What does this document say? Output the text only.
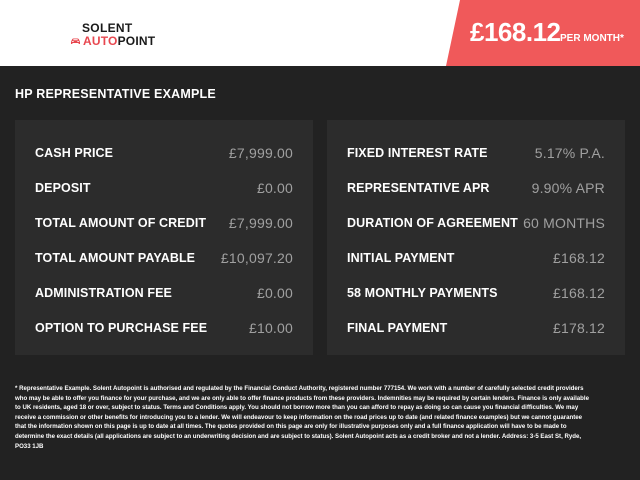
SOLENT
AUTO POINT	£168.12 PER MONTH*
HP REPRESENTATIVE EXAMPLE
CASH PRICE	£7,999.00
DEPOSIT	£0.00
TOTAL AMOUNT OF CREDIT £7,999.00
TOTAL AMOUNT PAYABLE £10,097.20
ADMINISTRATION FEE	£0.00
OPTION TO PURCHASE FEE	£10.00
FIXED INTEREST RATE	5.17% P.A.
REPRESENTATIVE APR	9.90% APR
DURATION OF AGREEMENT 60 MONTHS
INITIAL PAYMENT	£168.12
58 MONTHLY PAYMENTS	£168.12
FINAL PAYMENT	£178.12
* Representative Example. Solent Autopoint is authorised and regulated by the Financial Conduct Authority, registered number 777154. We work with a number of carefully selected credit providers who may be able to offer you finance for your purchase, and we are only able to offer finance products from these providers. Indemnities may be required by certain lenders. Finance is only available to UK residents, aged 18 or over, subject to status. Terms and Conditions apply. You should not borrow more than you can afford to repay as doing so can cause you financial difficulties. We may receive a commission or other benefits for introducing you to a lender. We will endeavour to keep information on the road prices up to date (and related finance examples) but we cannot guarantee that the information shown on this page is up to date at all times. The quotes provided on this page are only for illustrative purposes only and a full finance application will have to be made to determine the exact details (all applications are subject to an underwriting decision and are subject to status). Solent Autopoint acts as a credit broker and not a lender. Address: 3-5 East St, Ryde, PO33 1JB
